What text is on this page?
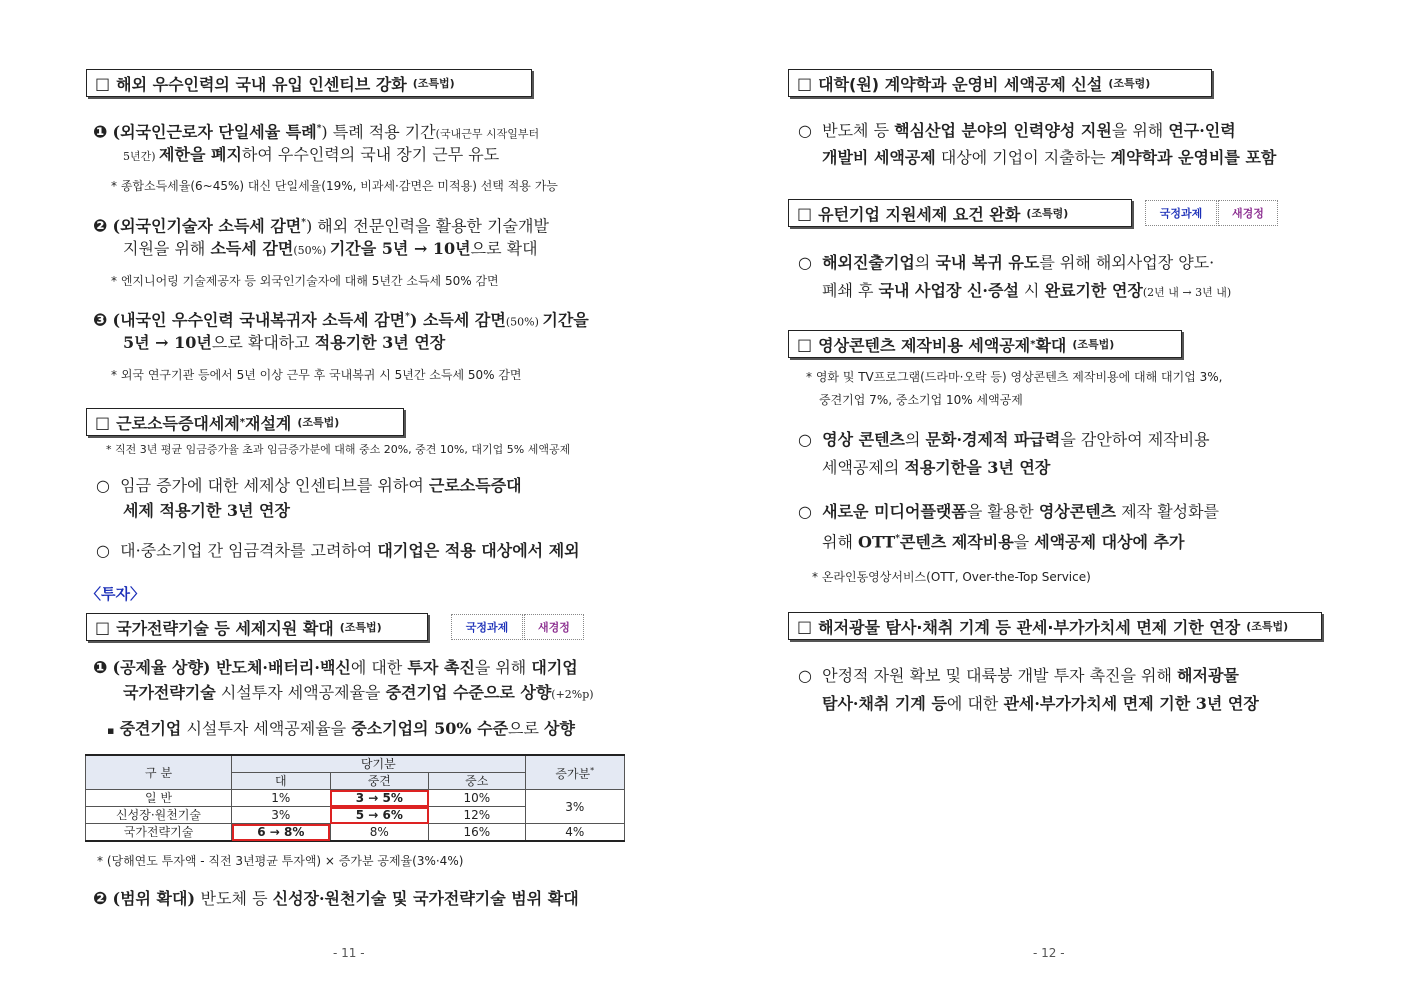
□ 해외 우수인력의 국내 유입 인센티브 강화 (조특법)
❶ (외국인근로자 단일세율 특례*) 특례 적용 기간(국내근무 시작일부터
5년간) 제한을 폐지하여 우수인력의 국내 장기 근무 유도
* 종합소득세율(6~45%) 대신 단일세율(19%, 비과세·감면은 미적용) 선택 적용 가능
❷ (외국인기술자 소득세 감면*) 해외 전문인력을 활용한 기술개발
지원을 위해 소득세 감면(50%) 기간을 5년 → 10년으로 확대
* 엔지니어링 기술제공자 등 외국인기술자에 대해 5년간 소득세 50% 감면
❸ (내국인 우수인력 국내복귀자 소득세 감면*) 소득세 감면(50%) 기간을
5년 → 10년으로 확대하고 적용기한 3년 연장
* 외국 연구기관 등에서 5년 이상 근무 후 국내복귀 시 5년간 소득세 50% 감면
□ 근로소득증대세제 * 재설계 (조특법)
* 직전 3년 평균 임금증가율 초과 임금증가분에 대해 중소 20%, 중견 10%, 대기업 5% 세액공제
○ 임금 증가에 대한 세제상 인센티브를 위하여 근로소득증대
세제 적용기한 3년 연장
○ 대·중소기업 간 임금격차를 고려하여 대기업은 적용 대상에서 제외
〈투자〉
□ 국가전략기술 등 세제지원 확대 (조특법)	국정과제	새경정
❶ (공제율 상향) 반도체·배터리·백신에 대한 투자 촉진을 위해 대기업
국가전략기술 시설투자 세액공제율을 중견기업 수준으로 상향(+2%p)
▪ 중견기업 시설투자 세액공제율을 중소기업의 50% 수준으로 상향
구 분	당기분			증가분*
	대	중견	중소	
일 반	1%	3 → 5%	10%	3%
신성장·원천기술	3%	5 → 6%	12%	
국가전략기술	6 → 8%	8%	16%	4%
* (당해연도 투자액 - 직전 3년평균 투자액) × 증가분 공제율(3%·4%)
❷ (범위 확대) 반도체 등 신성장·원천기술 및 국가전략기술 범위 확대
- 11 -
□ 대학(원) 계약학과 운영비 세액공제 신설 (조특령)
○ 반도체 등 핵심산업 분야의 인력양성 지원을 위해 연구·인력
개발비 세액공제 대상에 기업이 지출하는 계약학과 운영비를 포함
□ 유턴기업 지원세제 요건 완화 (조특령)	국정과제	새경정
○ 해외진출기업의 국내 복귀 유도를 위해 해외사업장 양도·
폐쇄 후 국내 사업장 신·증설 시 완료기한 연장(2년 내 → 3년 내)
□ 영상콘텐츠 제작비용 세액공제 * 확대 (조특법)
* 영화 및 TV프로그램(드라마·오락 등) 영상콘텐츠 제작비용에 대해 대기업 3%,
중견기업 7%, 중소기업 10% 세액공제
○ 영상 콘텐츠의 문화·경제적 파급력을 감안하여 제작비용
세액공제의 적용기한을 3년 연장
○ 새로운 미디어플랫폼을 활용한 영상콘텐츠 제작 활성화를
위해 OTT*콘텐츠 제작비용을 세액공제 대상에 추가
* 온라인동영상서비스(OTT, Over-the-Top Service)
□ 해저광물 탐사·채취 기계 등 관세·부가가치세 면제 기한 연장 (조특법)
○ 안정적 자원 확보 및 대륙붕 개발 투자 촉진을 위해 해저광물
탐사·채취 기계 등에 대한 관세·부가가치세 면제 기한 3년 연장
- 12 -
